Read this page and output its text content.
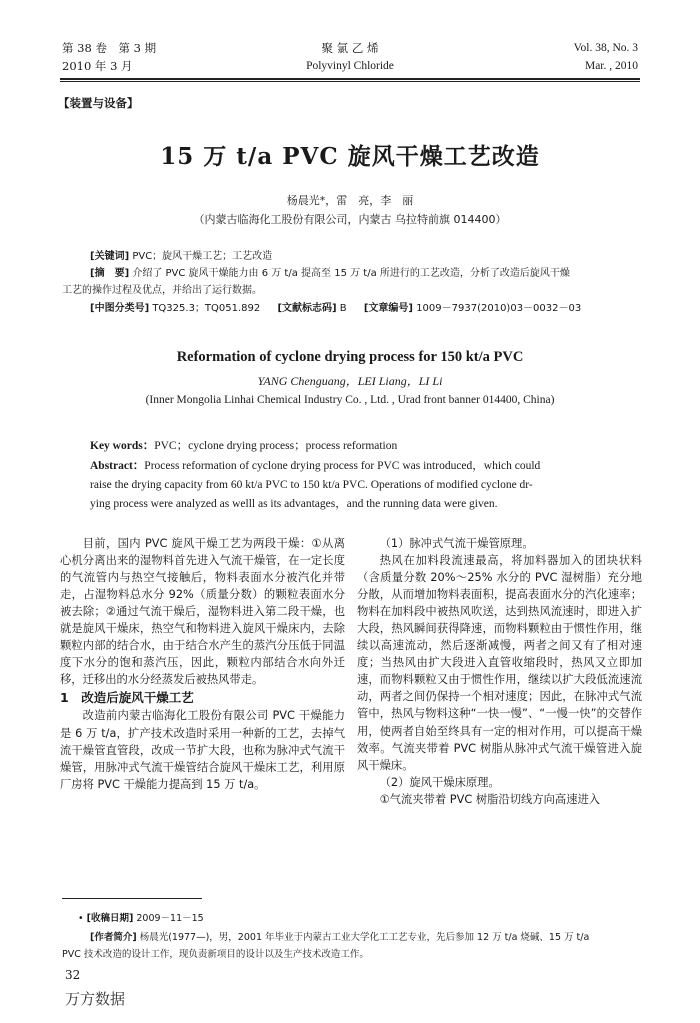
第 38 卷　第 3 期
2010 年 3 月
聚 氯 乙 烯
Polyvinyl Chloride
Vol. 38, No. 3
Mar. , 2010
【装置与设备】
15 万 t/a PVC 旋风干燥工艺改造
杨晨光*，雷　亮，李　丽
（内蒙古临海化工股份有限公司，内蒙古 乌拉特前旗 014400）
[关键词] PVC；旋风干燥工艺；工艺改造
[摘　要] 介绍了 PVC 旋风干燥能力由 6 万 t/a 提高至 15 万 t/a 所进行的工艺改造，分析了改造后旋风干燥
工艺的操作过程及优点，并给出了运行数据。
[中图分类号] TQ325.3；TQ051.892 [文献标志码] B [文章编号] 1009－7937(2010)03－0032－03
Reformation of cyclone drying process for 150 kt/a PVC
YANG Chenguang，LEI Liang，LI Li
(Inner Mongolia Linhai Chemical Industry Co. , Ltd. , Urad front banner 014400, China)
Key words：PVC；cyclone drying process；process reformation
Abstract：Process reformation of cyclone drying process for PVC was introduced，which could
raise the drying capacity from 60 kt/a PVC to 150 kt/a PVC. Operations of modified cyclone dr-
ying process were analyzed as welll as its advantages，and the running data were given.

目前，国内 PVC 旋风干燥工艺为两段干燥：①从离心机分离出来的湿物料首先进入气流干燥管，在一定长度的气流管内与热空气接触后，物料表面水分被汽化并带走，占湿物料总水分 92%（质量分数）的颗粒表面水分被去除；②通过气流干燥后，湿物料进入第二段干燥，也就是旋风干燥床，热空气和物料进入旋风干燥床内，去除颗粒内部的结合水，由于结合水产生的蒸汽分压低于同温度下水分的饱和蒸汽压，因此，颗粒内部结合水向外迁移，迁移出的水分经蒸发后被热风带走。

1　改造后旋风干燥工艺

改造前内蒙古临海化工股份有限公司 PVC 干燥能力是 6 万 t/a，扩产技术改造时采用一种新的工艺，去掉气流干燥管直管段，改成一节扩大段，也称为脉冲式气流干燥管，用脉冲式气流干燥管结合旋风干燥床工艺，利用原厂房将 PVC 干燥能力提高到 15 万 t/a。

（1）脉冲式气流干燥管原理。

热风在加料段流速最高，将加料器加入的团块状料（含质量分数 20%～25% 水分的 PVC 湿树脂）充分地分散，从而增加物料表面积，提高表面水分的汽化速率；物料在加料段中被热风吹送，达到热风流速时，即进入扩大段，热风瞬间获得降速，而物料颗粒由于惯性作用，继续以高速流动，然后逐渐减慢，两者之间又有了相对速度；当热风由扩大段进入直管收缩段时，热风又立即加速，而物料颗粒又由于惯性作用，继续以扩大段低流速流动，两者之间仍保持一个相对速度；因此，在脉冲式气流管中，热风与物料这种“一快一慢”、“一慢一快”的交替作用，使两者自始至终具有一定的相对作用，可以提高干燥效率。气流夹带着 PVC 树脂从脉冲式气流干燥管进入旋风干燥床。

（2）旋风干燥床原理。

①气流夹带着 PVC 树脂沿切线方向高速进入

• [收稿日期] 2009－11－15
[作者简介] 杨晨光(1977—)，男，2001 年毕业于内蒙古工业大学化工工艺专业，先后参加 12 万 t/a 烧碱、15 万 t/a
PVC 技术改造的设计工作，现负责新项目的设计以及生产技术改造工作。
32
万方数据
